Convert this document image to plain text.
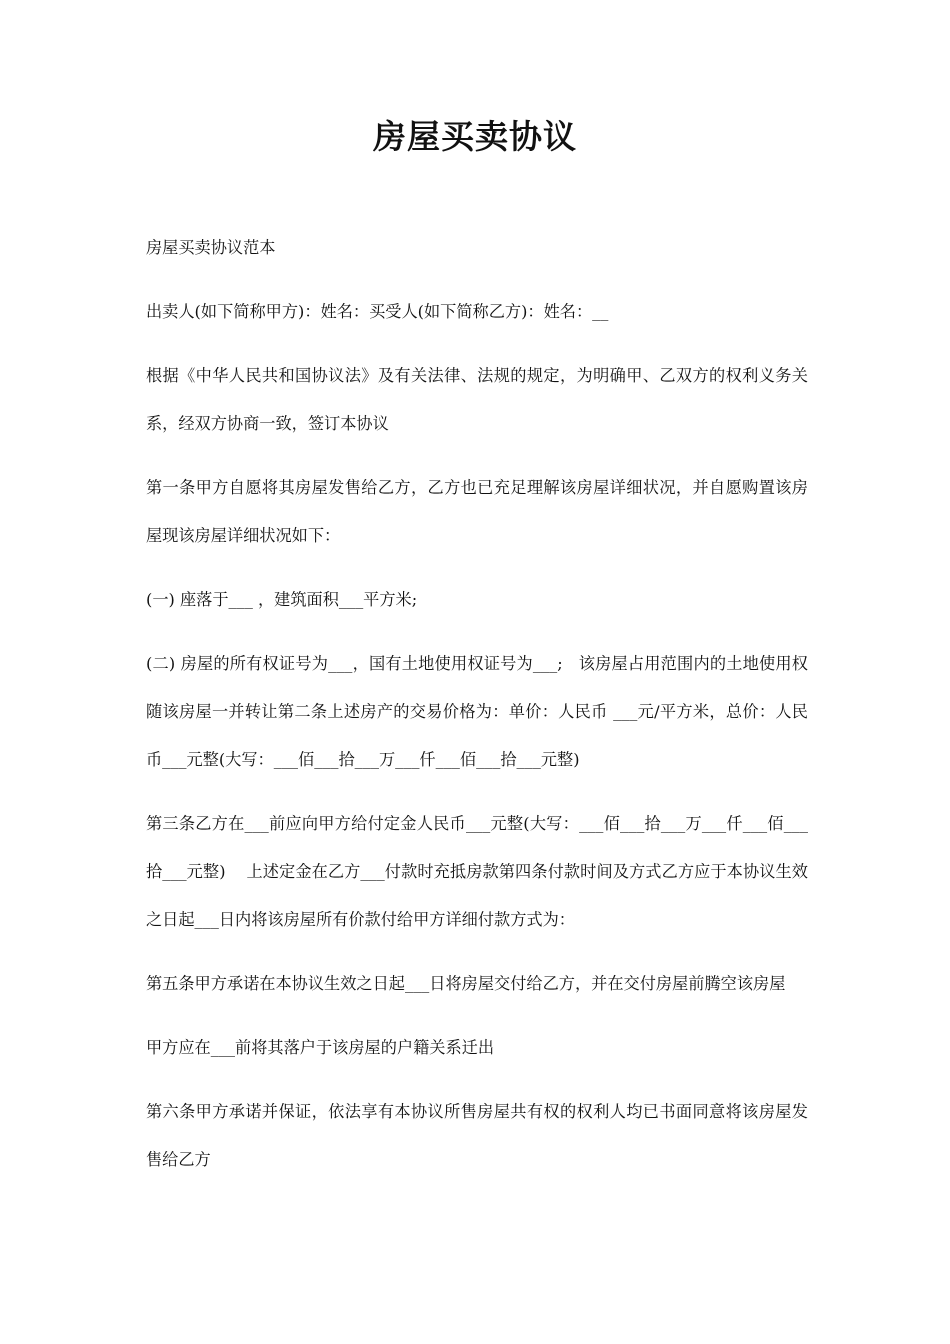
房屋买卖协议

房屋买卖协议范本

出卖人(如下简称甲方)：姓名：买受人(如下简称乙方)：姓名：__

根据《中华人民共和国协议法》及有关法律、法规的规定，为明确甲、乙双方的权利义务关系，经双方协商一致，签订本协议

第一条甲方自愿将其房屋发售给乙方，乙方也已充足理解该房屋详细状况，并自愿购置该房屋现该房屋详细状况如下：

(一) 座落于___ ，建筑面积___平方米;

(二) 房屋的所有权证号为___，国有土地使用权证号为___;   该房屋占用范围内的土地使用权随该房屋一并转让第二条上述房产的交易价格为：单价：人民币 ___元/平方米，总价：人民币___元整(大写：___佰___拾___万___仟___佰___拾___元整)

第三条乙方在___前应向甲方给付定金人民币___元整(大写：___佰___拾___万___仟___佰___拾___元整)    上述定金在乙方___付款时充抵房款第四条付款时间及方式乙方应于本协议生效之日起___日内将该房屋所有价款付给甲方详细付款方式为：

第五条甲方承诺在本协议生效之日起___日将房屋交付给乙方，并在交付房屋前腾空该房屋

甲方应在___前将其落户于该房屋的户籍关系迁出

第六条甲方承诺并保证，依法享有本协议所售房屋共有权的权利人均已书面同意将该房屋发售给乙方
